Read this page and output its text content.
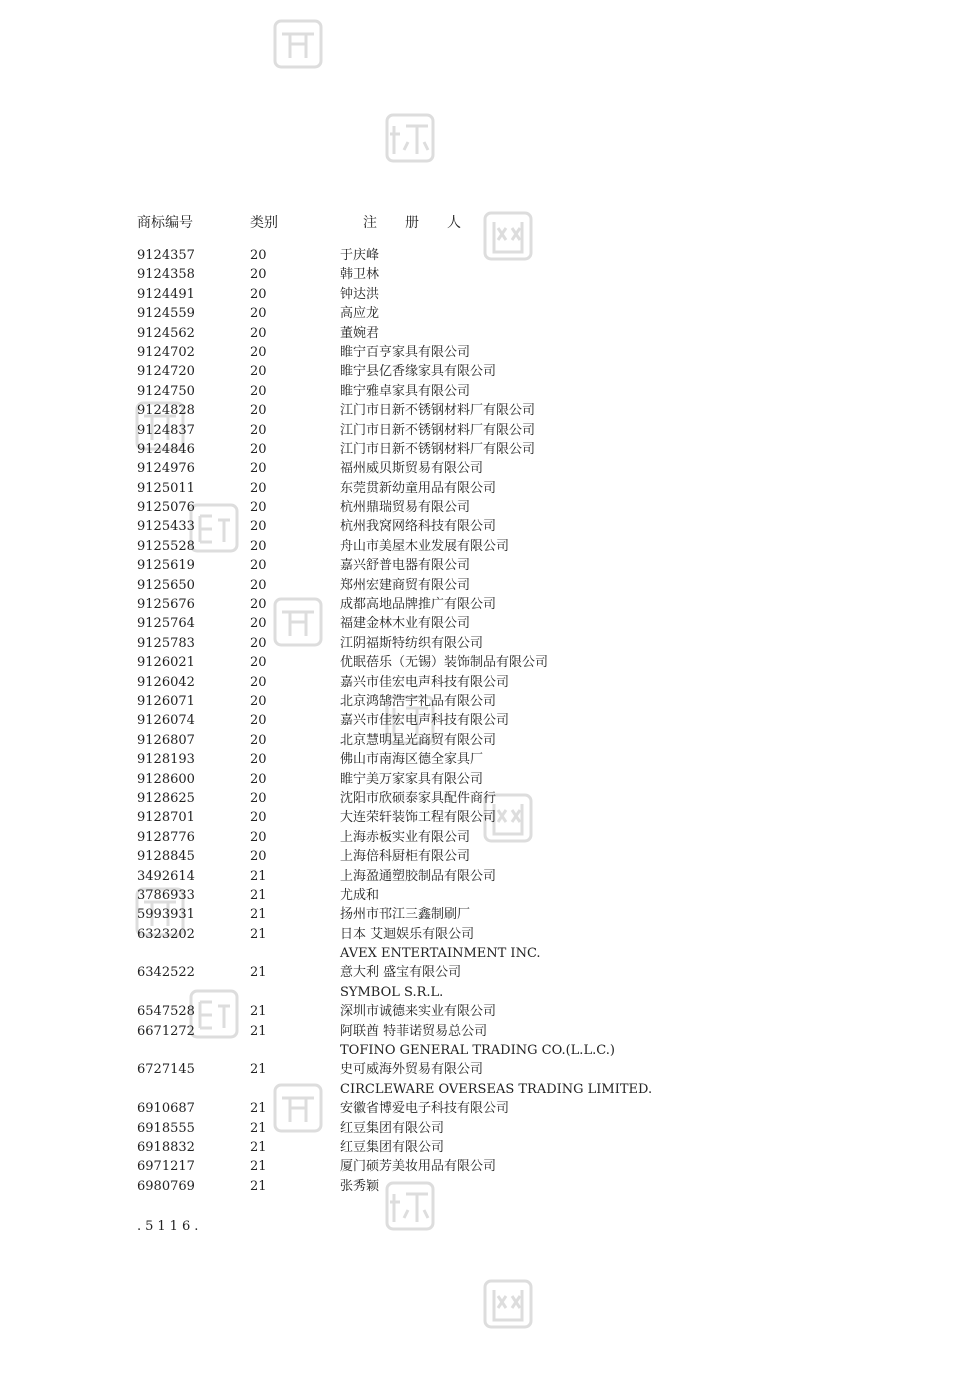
商标编号	类别	注 册 人
9124357	20	于庆峰
9124358	20	韩卫林
9124491	20	钟达洪
9124559	20	高应龙
9124562	20	董婉君
9124702	20	睢宁百亨家具有限公司
9124720	20	睢宁县亿香缘家具有限公司
9124750	20	睢宁雅卓家具有限公司
9124828	20	江门市日新不锈钢材料厂有限公司
9124837	20	江门市日新不锈钢材料厂有限公司
9124846	20	江门市日新不锈钢材料厂有限公司
9124976	20	福州威贝斯贸易有限公司
9125011	20	东莞贯新幼童用品有限公司
9125076	20	杭州鼎瑞贸易有限公司
9125433	20	杭州我窝网络科技有限公司
9125528	20	舟山市美屋木业发展有限公司
9125619	20	嘉兴舒普电器有限公司
9125650	20	郑州宏建商贸有限公司
9125676	20	成都高地品牌推广有限公司
9125764	20	福建金林木业有限公司
9125783	20	江阴福斯特纺织有限公司
9126021	20	优眠蓓乐（无锡）装饰制品有限公司
9126042	20	嘉兴市佳宏电声科技有限公司
9126071	20	北京鸿鹄浩宇礼品有限公司
9126074	20	嘉兴市佳宏电声科技有限公司
9126807	20	北京慧明星光商贸有限公司
9128193	20	佛山市南海区德全家具厂
9128600	20	睢宁美万家家具有限公司
9128625	20	沈阳市欣硕泰家具配件商行
9128701	20	大连荣轩装饰工程有限公司
9128776	20	上海赤板实业有限公司
9128845	20	上海倍科厨柜有限公司
3492614	21	上海盈通塑胶制品有限公司
3786933	21	尤成和
5993931	21	扬州市邗江三鑫制刷厂
6323202	21	日本 艾迴娱乐有限公司
AVEX ENTERTAINMENT INC.
6342522	21	意大利 盛宝有限公司
SYMBOL S.R.L.
6547528	21	深圳市诚德来实业有限公司
6671272	21	阿联酋 特菲诺贸易总公司
TOFINO GENERAL TRADING CO.(L.L.C.)
6727145	21	史可威海外贸易有限公司
CIRCLEWARE OVERSEAS TRADING LIMITED.
6910687	21	安徽省博爱电子科技有限公司
6918555	21	红豆集团有限公司
6918832	21	红豆集团有限公司
6971217	21	厦门硕芳美妆用品有限公司
6980769	21	张秀颖
.5116.
